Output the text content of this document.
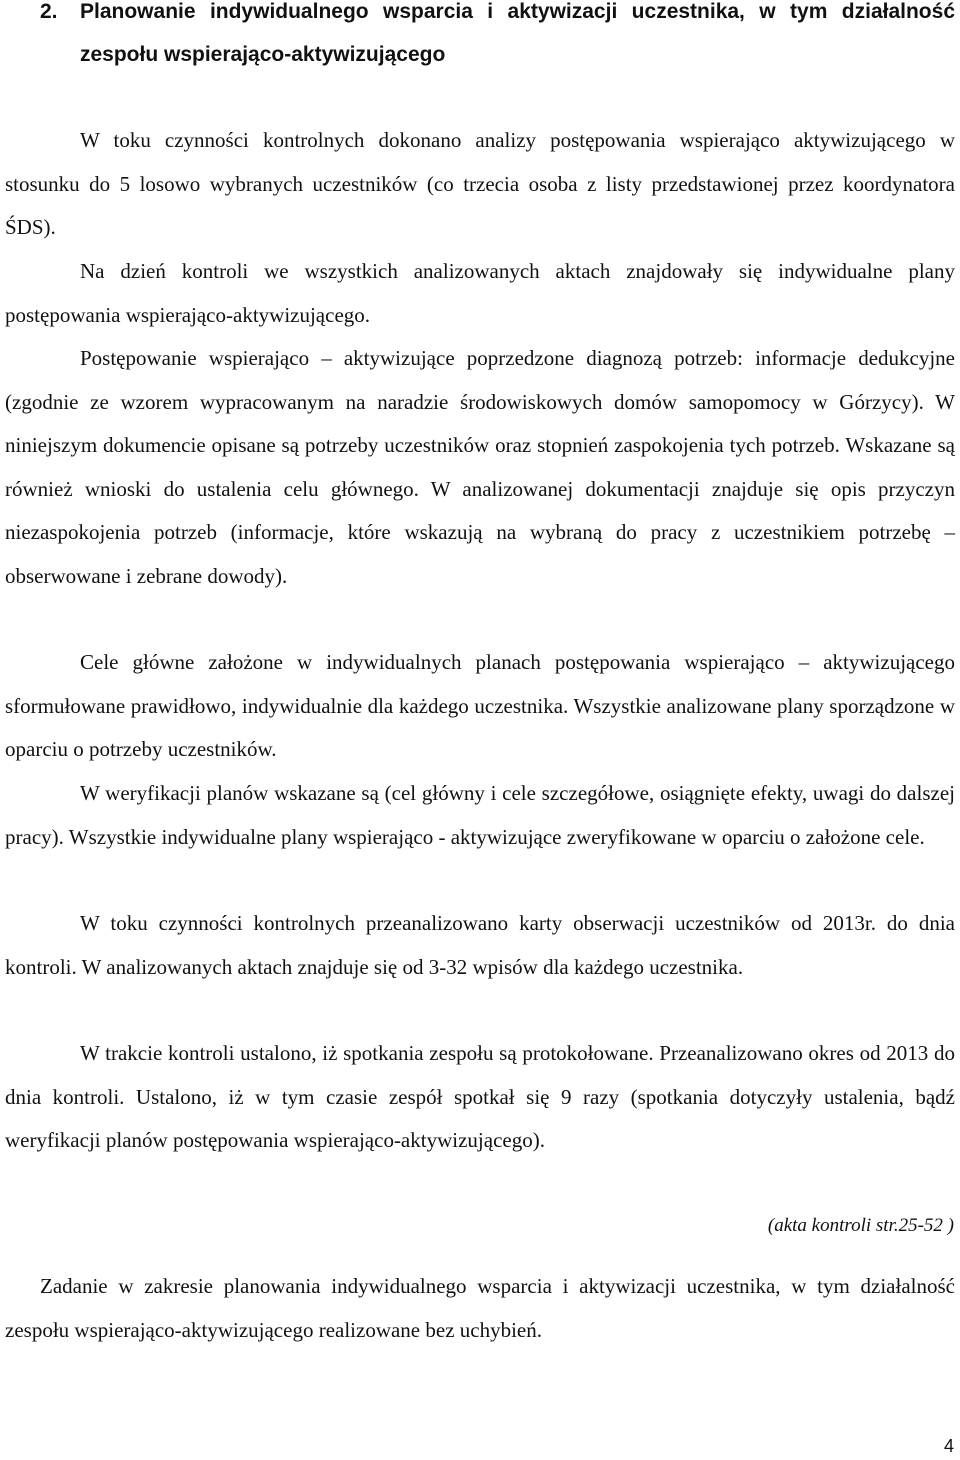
2. Planowanie indywidualnego wsparcia i aktywizacji uczestnika, w tym działalność zespołu wspierająco-aktywizującego

W toku czynności kontrolnych dokonano analizy postępowania wspierająco aktywizującego w stosunku do 5 losowo wybranych uczestników (co trzecia osoba z listy przedstawionej przez koordynatora ŚDS).

Na dzień kontroli we wszystkich analizowanych aktach znajdowały się indywidualne plany postępowania wspierająco-aktywizującego.

Postępowanie wspierająco – aktywizujące poprzedzone diagnozą potrzeb: informacje dedukcyjne (zgodnie ze wzorem wypracowanym na naradzie środowiskowych domów samopomocy w Górzycy). W niniejszym dokumencie opisane są potrzeby uczestników oraz stopnień zaspokojenia tych potrzeb. Wskazane są również wnioski do ustalenia celu głównego. W analizowanej dokumentacji znajduje się opis przyczyn niezaspokojenia potrzeb (informacje, które wskazują na wybraną do pracy z uczestnikiem potrzebę – obserwowane i zebrane dowody).

Cele główne założone w indywidualnych planach postępowania wspierająco – aktywizującego sformułowane prawidłowo, indywidualnie dla każdego uczestnika. Wszystkie analizowane plany sporządzone w oparciu o potrzeby uczestników.

W weryfikacji planów wskazane są (cel główny i cele szczegółowe, osiągnięte efekty, uwagi do dalszej pracy). Wszystkie indywidualne plany wspierająco - aktywizujące zweryfikowane w oparciu o założone cele.

W toku czynności kontrolnych przeanalizowano karty obserwacji uczestników od 2013r. do dnia kontroli. W analizowanych aktach znajduje się od 3-32 wpisów dla każdego uczestnika.

W trakcie kontroli ustalono, iż spotkania zespołu są protokołowane. Przeanalizowano okres od 2013 do dnia kontroli. Ustalono, iż w tym czasie zespół spotkał się 9 razy (spotkania dotyczyły ustalenia, bądź weryfikacji planów postępowania wspierająco-aktywizującego).

(akta kontroli str.25-52 )

Zadanie w zakresie planowania indywidualnego wsparcia i aktywizacji uczestnika, w tym działalność zespołu wspierająco-aktywizującego realizowane bez uchybień.

4
